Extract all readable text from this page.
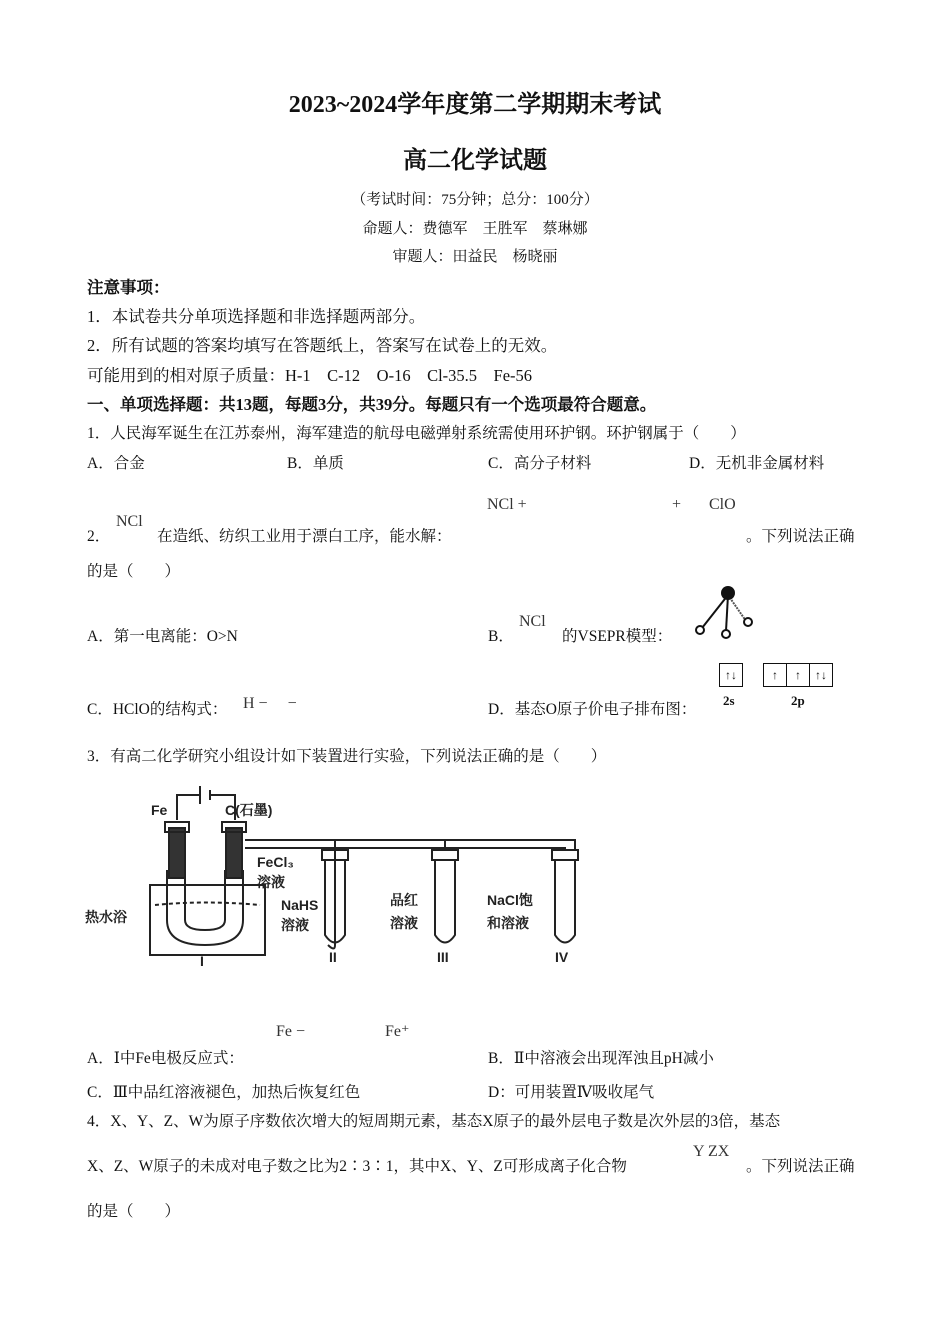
2023~2024学年度第二学期期末考试
高二化学试题
（考试时间：75分钟；总分：100分）
命题人：费德军　王胜军　蔡琳娜
审题人：田益民　杨晓丽
注意事项：
1．本试卷共分单项选择题和非选择题两部分。
2．所有试题的答案均填写在答题纸上，答案写在试卷上的无效。
可能用到的相对原子质量：H-1　C-12　O-16　Cl-35.5　Fe-56
一、单项选择题：共13题，每题3分，共39分。每题只有一个选项最符合题意。
1．人民海军诞生在江苏泰州，海军建造的航母电磁弹射系统需使用环护钢。环护钢属于（　　）
A．合金	B．单质	C．高分子材料	D．无机非金属材料
NCl +	+ ClO
2．
NCl
在造纸、纺织工业用于漂白工序，能水解：	。下列说法正确
的是（　　）
A．第一电离能：O>N	B．
NCl
的VSEPR模型：
C．HClO的结构式： H −　 −	D．基态O原子价电子排布图：
↑↓	↑	↑	↑↓
2s	2p
3．有高二化学研究小组设计如下装置进行实验，下列说法正确的是（　　）
Fe	C(石墨)
FeCl₃
溶液
热水浴
NaHS
溶液
品红
溶液
NaCl饱
和溶液
I	II	III	IV
Fe −　　　　　Fe⁺
A．Ⅰ中Fe电极反应式：	B．Ⅱ中溶液会出现浑浊且pH减小
C．Ⅲ中品红溶液褪色，加热后恢复红色	D：可用装置Ⅳ吸收尾气
4．X、Y、Z、W为原子序数依次增大的短周期元素，基态X原子的最外层电子数是次外层的3倍，基态
X、Z、W原子的未成对电子数之比为2∶3∶1，其中X、Y、Z可形成离子化合物
Y ZX
。下列说法正确
的是（　　）
